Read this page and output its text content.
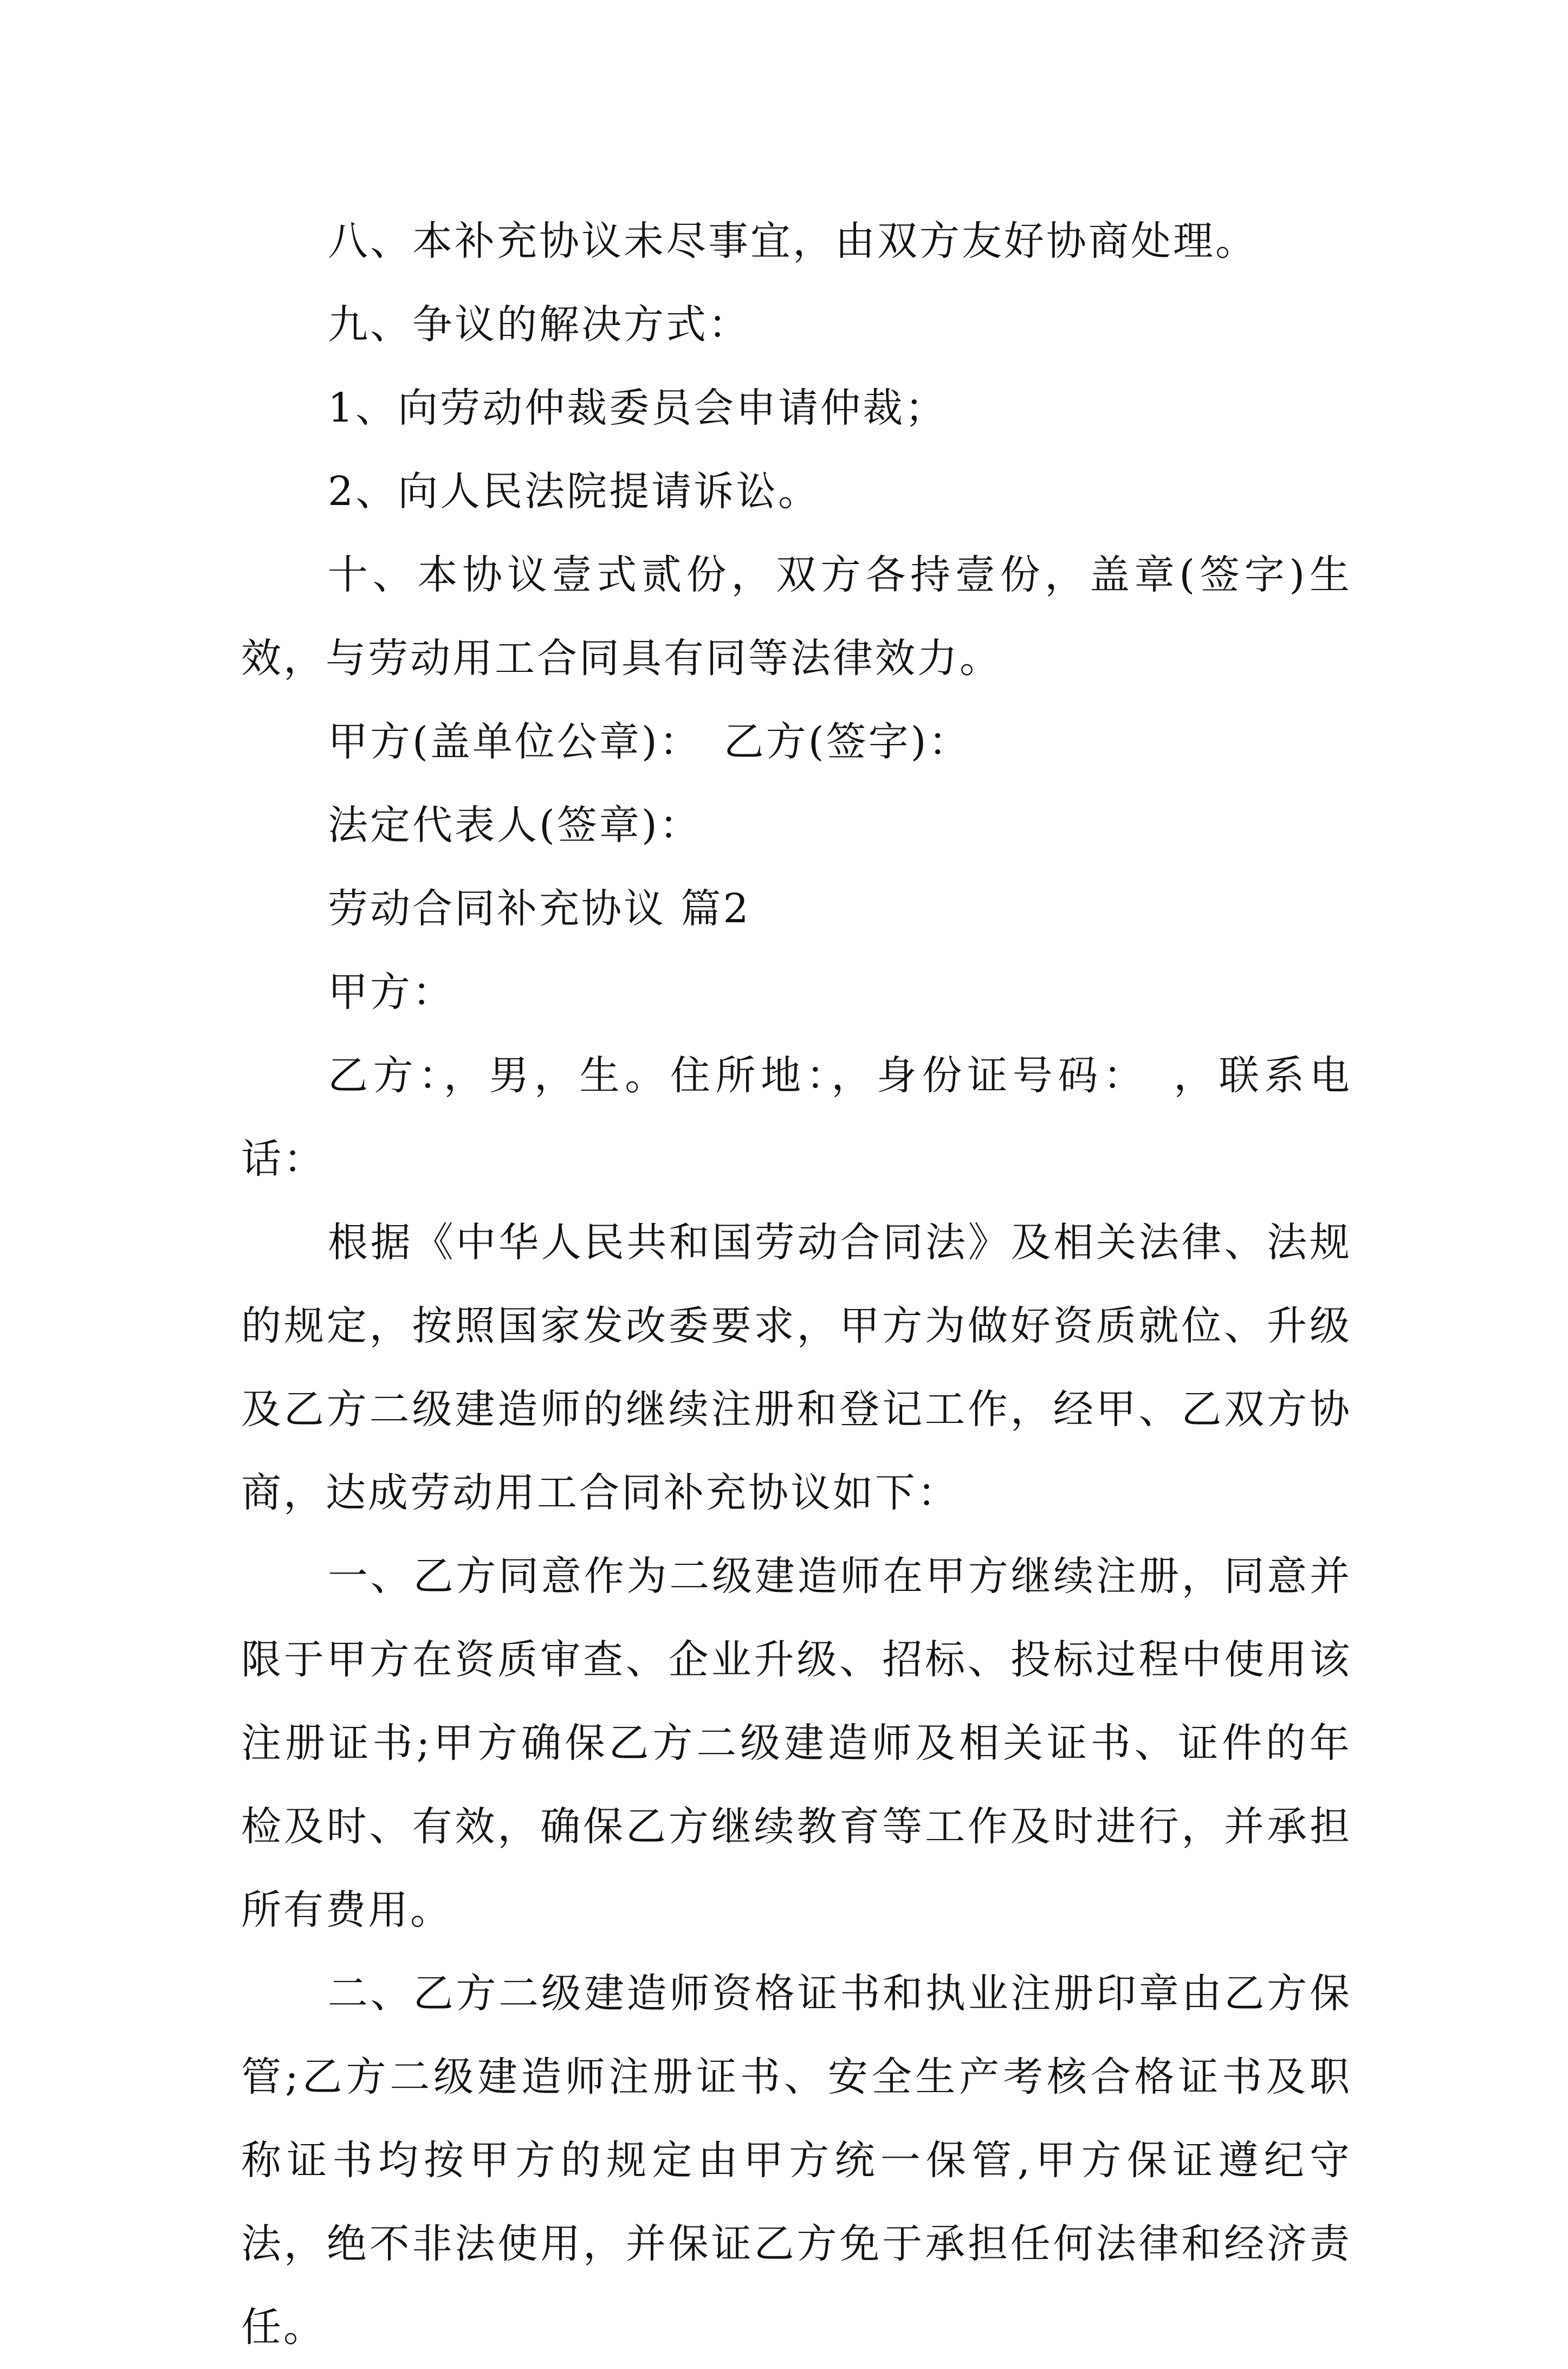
八、本补充协议未尽事宜，由双方友好协商处理。

九、争议的解决方式：

1、向劳动仲裁委员会申请仲裁；

2、向人民法院提请诉讼。

十、本协议壹式贰份，双方各持壹份，盖章(签字)生效，与劳动用工合同具有同等法律效力。

甲方(盖单位公章)：　乙方(签字)：

法定代表人(签章)：

劳动合同补充协议 篇2

甲方：

乙方：，男，生。住所地：，身份证号码：　，联系电话：

根据《中华人民共和国劳动合同法》及相关法律、法规的规定，按照国家发改委要求，甲方为做好资质就位、升级及乙方二级建造师的继续注册和登记工作，经甲、乙双方协商，达成劳动用工合同补充协议如下：

一、乙方同意作为二级建造师在甲方继续注册，同意并限于甲方在资质审查、企业升级、招标、投标过程中使用该注册证书;甲方确保乙方二级建造师及相关证书、证件的年检及时、有效，确保乙方继续教育等工作及时进行，并承担所有费用。

二、乙方二级建造师资格证书和执业注册印章由乙方保管;乙方二级建造师注册证书、安全生产考核合格证书及职称证书均按甲方的规定由甲方统一保管,甲方保证遵纪守法，绝不非法使用，并保证乙方免于承担任何法律和经济责任。
